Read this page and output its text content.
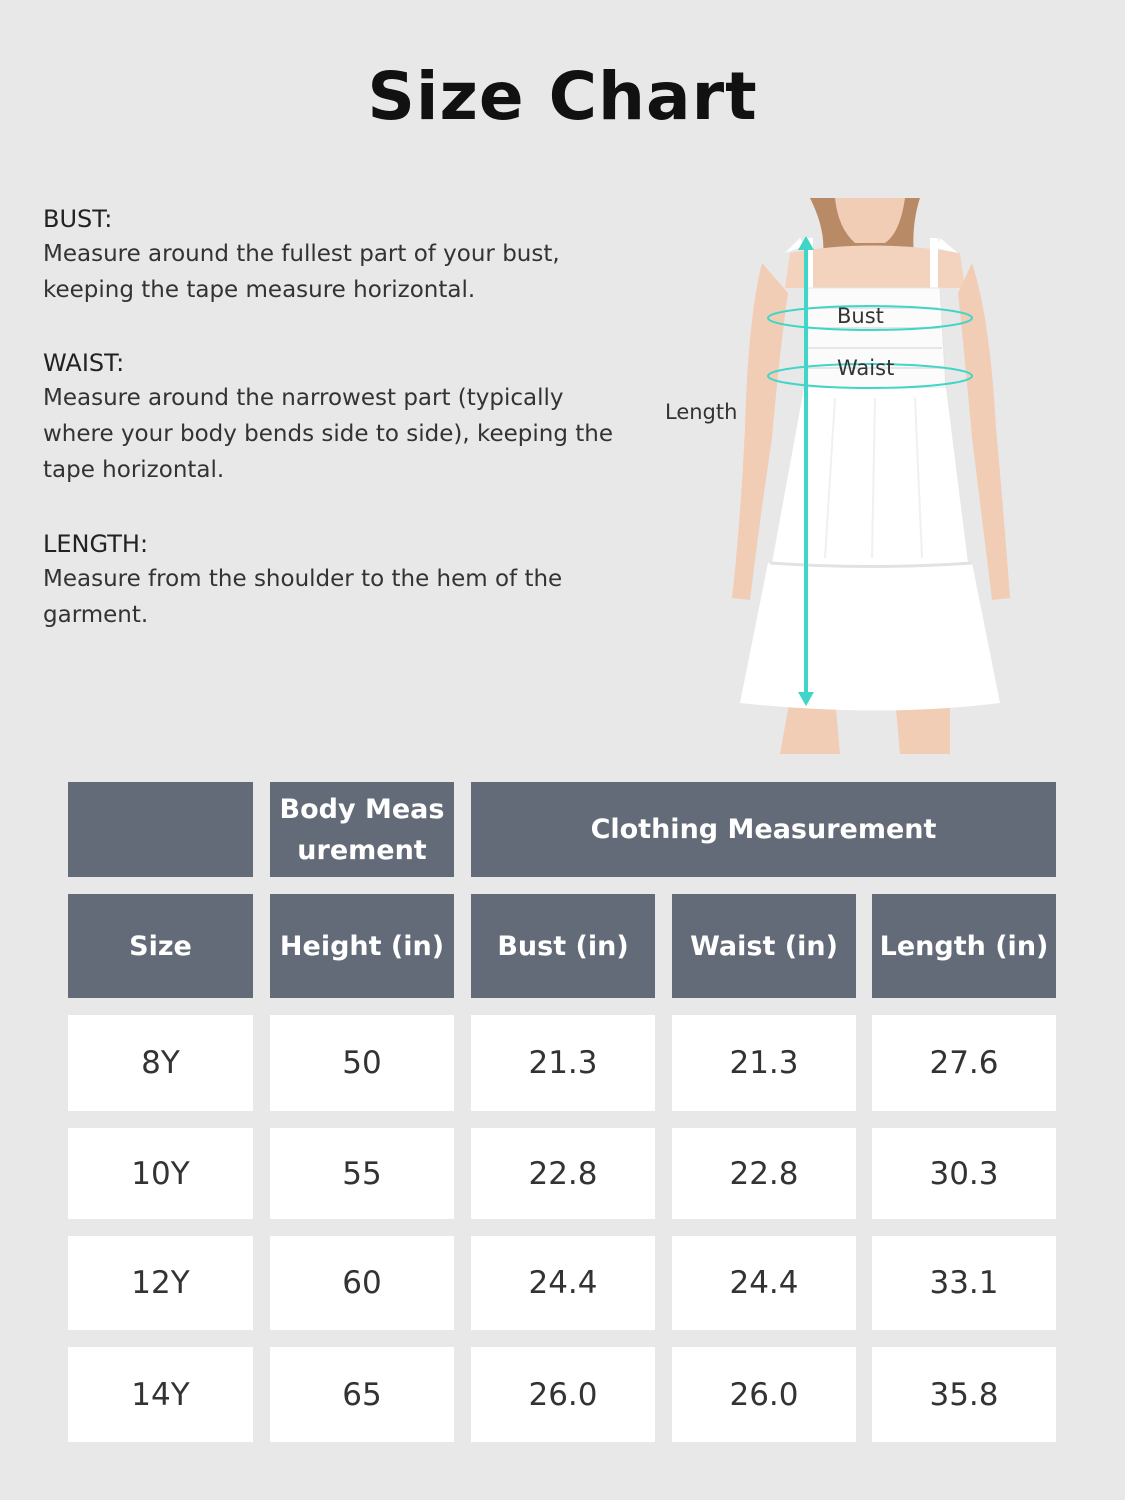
Size Chart
BUST:
Measure around the fullest part of your bust, keeping the tape measure horizontal.
WAIST:
Measure around the narrowest part (typically where your body bends side to side), keeping the tape horizontal.
LENGTH:
Measure from the shoulder to the hem of the garment.
Bust
Waist
Length
Body Measurement
Clothing Measurement
Size	Height (in)	Bust (in)	Waist (in)	Length (in)
8Y	50	21.3	21.3	27.6
10Y	55	22.8	22.8	30.3
12Y	60	24.4	24.4	33.1
14Y	65	26.0	26.0	35.8
